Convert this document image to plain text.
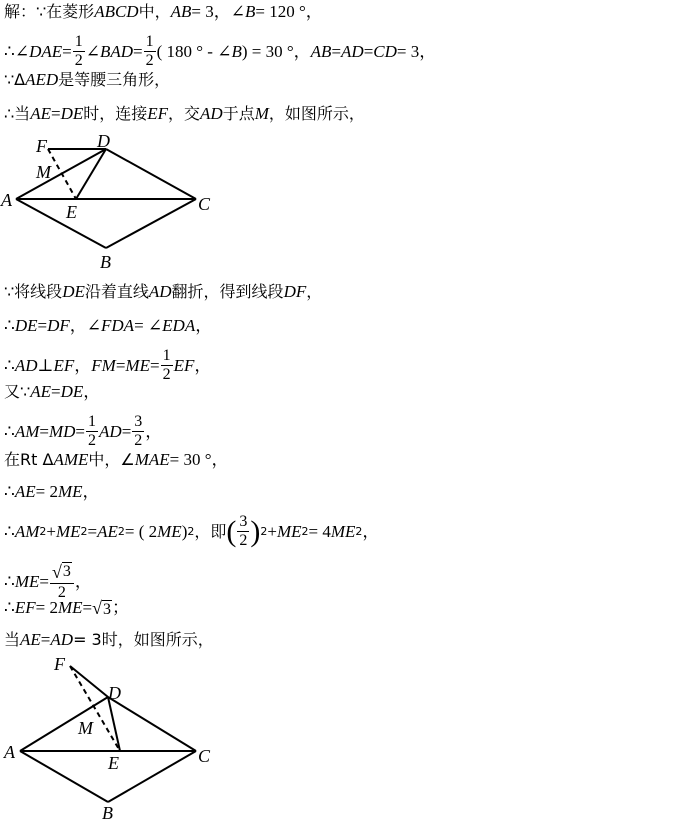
解：∵在菱形 ABCD 中， AB = 3，∠ B = 120 °，
∴∠ DAE = $\frac{1}{2}$ ∠ BAD = $\frac{1}{2}$ ( 180 ° - ∠ B ) = 30 °， AB = AD = CD = 3，
∵Δ AED 是等腰三角形，
∴当 AE = DE 时，连接 EF ，交 AD 于点 M ，如图所示，
A
B
C
D
E
F
M
∵将线段 DE 沿着直线 AD 翻折，得到线段 DF ，
∴ DE = DF ，∠ FDA = ∠ EDA ，
∴ AD ⊥ EF ， FM = ME = $\frac{1}{2}$ EF ，
又∵ AE = DE ，
∴ AM = MD = $\frac{1}{2}$ AD = $\frac{3}{2}$ ，
在Rt Δ AME 中，∠ MAE = 30 °，
∴ AE = 2 ME ，
∴ AM 2 + ME 2 = AE 2 = ( 2 ME ) 2 ，即 ( $\frac{3}{2}$ ) 2 + ME 2 = 4 ME 2 ，
∴ ME = $\frac{√ 3}{2}$ ，
∴ EF = 2 ME = √ 3 ；
当 AE = AD = 3时，如图所示，
A
B
C
D
E
F
M
